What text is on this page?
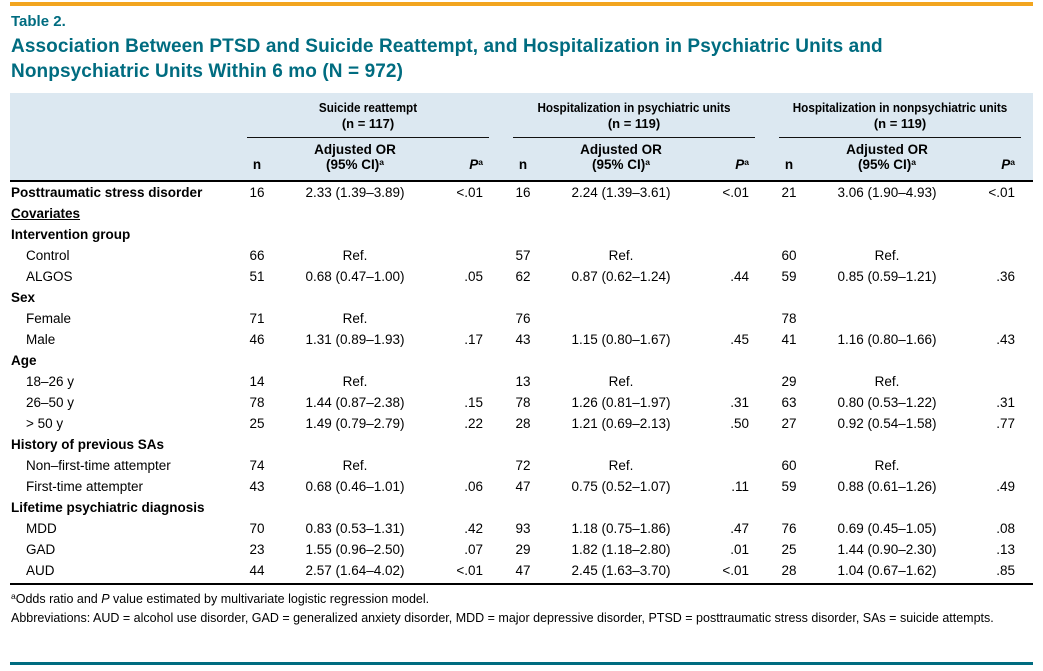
Table 2.
Association Between PTSD and Suicide Reattempt, and Hospitalization in Psychiatric Units and Nonpsychiatric Units Within 6 mo (N = 972)

	Suicide reattempt
(n = 117)			Hospitalization in psychiatric units
(n = 119)			Hospitalization in nonpsychiatric units
(n = 119)		

	n	Adjusted OR
(95% CI)$^a$	$P^a$	n	Adjusted OR
(95% CI)$^a$	$P^a$	n	Adjusted OR
(95% CI)$^a$	$P^a$
Posttraumatic stress disorder	16	2.33 (1.39–3.89)	<.01	16	2.24 (1.39–3.61)	<.01	21	3.06 (1.90–4.93)	<.01
Covariates									
Intervention group									
Control	66	Ref.		57	Ref.		60	Ref.	
ALGOS	51	0.68 (0.47–1.00)	.05	62	0.87 (0.62–1.24)	.44	59	0.85 (0.59–1.21)	.36
Sex									
Female	71	Ref.		76			78		
Male	46	1.31 (0.89–1.93)	.17	43	1.15 (0.80–1.67)	.45	41	1.16 (0.80–1.66)	.43
Age									
18–26 y	14	Ref.		13	Ref.		29	Ref.	
26–50 y	78	1.44 (0.87–2.38)	.15	78	1.26 (0.81–1.97)	.31	63	0.80 (0.53–1.22)	.31
> 50 y	25	1.49 (0.79–2.79)	.22	28	1.21 (0.69–2.13)	.50	27	0.92 (0.54–1.58)	.77
History of previous SAs									
Non–first-time attempter	74	Ref.		72	Ref.		60	Ref.	
First-time attempter	43	0.68 (0.46–1.01)	.06	47	0.75 (0.52–1.07)	.11	59	0.88 (0.61–1.26)	.49
Lifetime psychiatric diagnosis									
MDD	70	0.83 (0.53–1.31)	.42	93	1.18 (0.75–1.86)	.47	76	0.69 (0.45–1.05)	.08
GAD	23	1.55 (0.96–2.50)	.07	29	1.82 (1.18–2.80)	.01	25	1.44 (0.90–2.30)	.13
AUD	44	2.57 (1.64–4.02)	<.01	47	2.45 (1.63–3.70)	<.01	28	1.04 (0.67–1.62)	.85

$^a$Odds ratio and P value estimated by multivariate logistic regression model.

Abbreviations: AUD = alcohol use disorder, GAD = generalized anxiety disorder, MDD = major depressive disorder, PTSD = posttraumatic stress disorder, SAs = suicide attempts.
